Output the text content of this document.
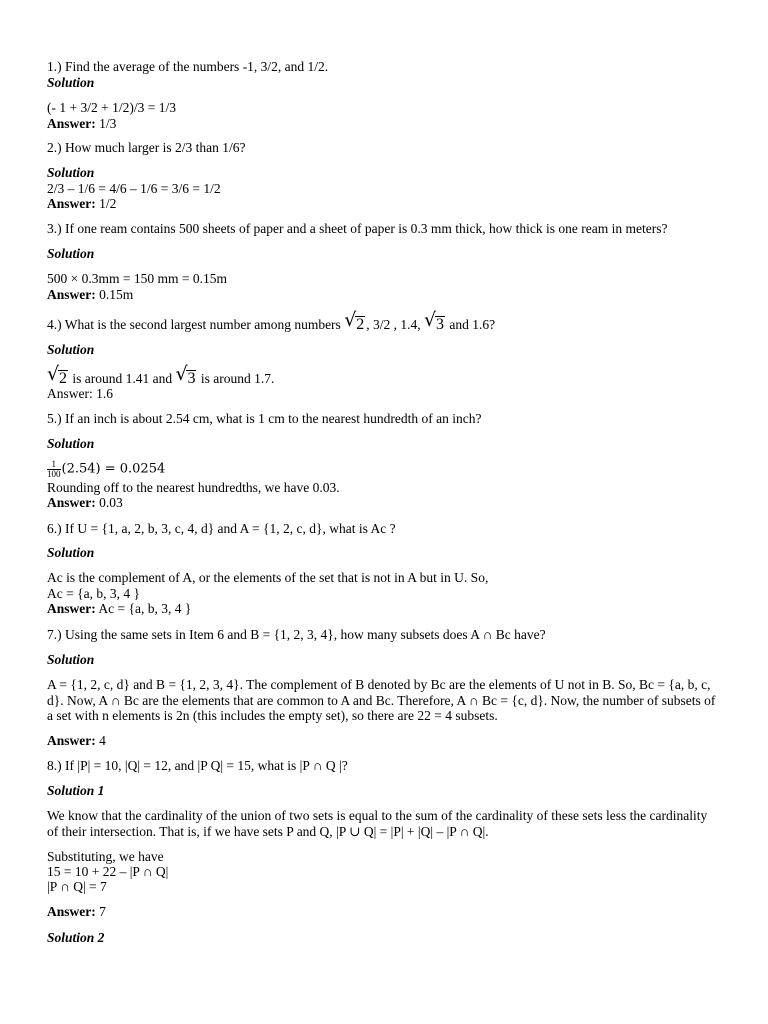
1.) Find the average of the numbers -1, 3/2, and 1/2.
Solution
(- 1 + 3/2 + 1/2)/3 = 1/3
Answer: 1/3
2.) How much larger is 2/3 than 1/6?
Solution
2/3 – 1/6 = 4/6 – 1/6 = 3/6 = 1/2
Answer: 1/2
3.) If one ream contains 500 sheets of paper and a sheet of paper is 0.3 mm thick, how thick is one ream in meters?
Solution
500 × 0.3mm = 150 mm = 0.15m
Answer: 0.15m
4.) What is the second largest number among numbers √ 2 , 3/2 , 1.4, √ 3 and 1.6?
Solution
√ 2 is around 1.41 and √ 3 is around 1.7.
Answer: 1.6
5.) If an inch is about 2.54 cm, what is 1 cm to the nearest hundredth of an inch?
Solution
$\frac{1}{100} (2.54) = 0.0254$
Rounding off to the nearest hundredths, we have 0.03.
Answer: 0.03
6.) If U = {1, a, 2, b, 3, c, 4, d} and A = {1, 2, c, d}, what is Ac ?
Solution
Ac is the complement of A, or the elements of the set that is not in A but in U. So,
Ac = {a, b, 3, 4 }
Answer: Ac = {a, b, 3, 4 }
7.) Using the same sets in Item 6 and B = {1, 2, 3, 4}, how many subsets does A ∩ Bc have?
Solution
A = {1, 2, c, d} and B = {1, 2, 3, 4}. The complement of B denoted by Bc are the elements of U not in B. So, Bc = {a, b, c, d}. Now, A ∩ Bc are the elements that are common to A and Bc. Therefore, A ∩ Bc = {c, d}. Now, the number of subsets of a set with n elements is 2n (this includes the empty set), so there are 22 = 4 subsets.
Answer: 4
8.) If |P| = 10, |Q| = 12, and |P Q| = 15, what is |P ∩ Q |?
Solution 1
We know that the cardinality of the union of two sets is equal to the sum of the cardinality of these sets less the cardinality of their intersection. That is, if we have sets P and Q, |P ∪ Q| = |P| + |Q| – |P ∩ Q|.
Substituting, we have
15 = 10 + 22 – |P ∩ Q|
|P ∩ Q| = 7
Answer: 7
Solution 2
